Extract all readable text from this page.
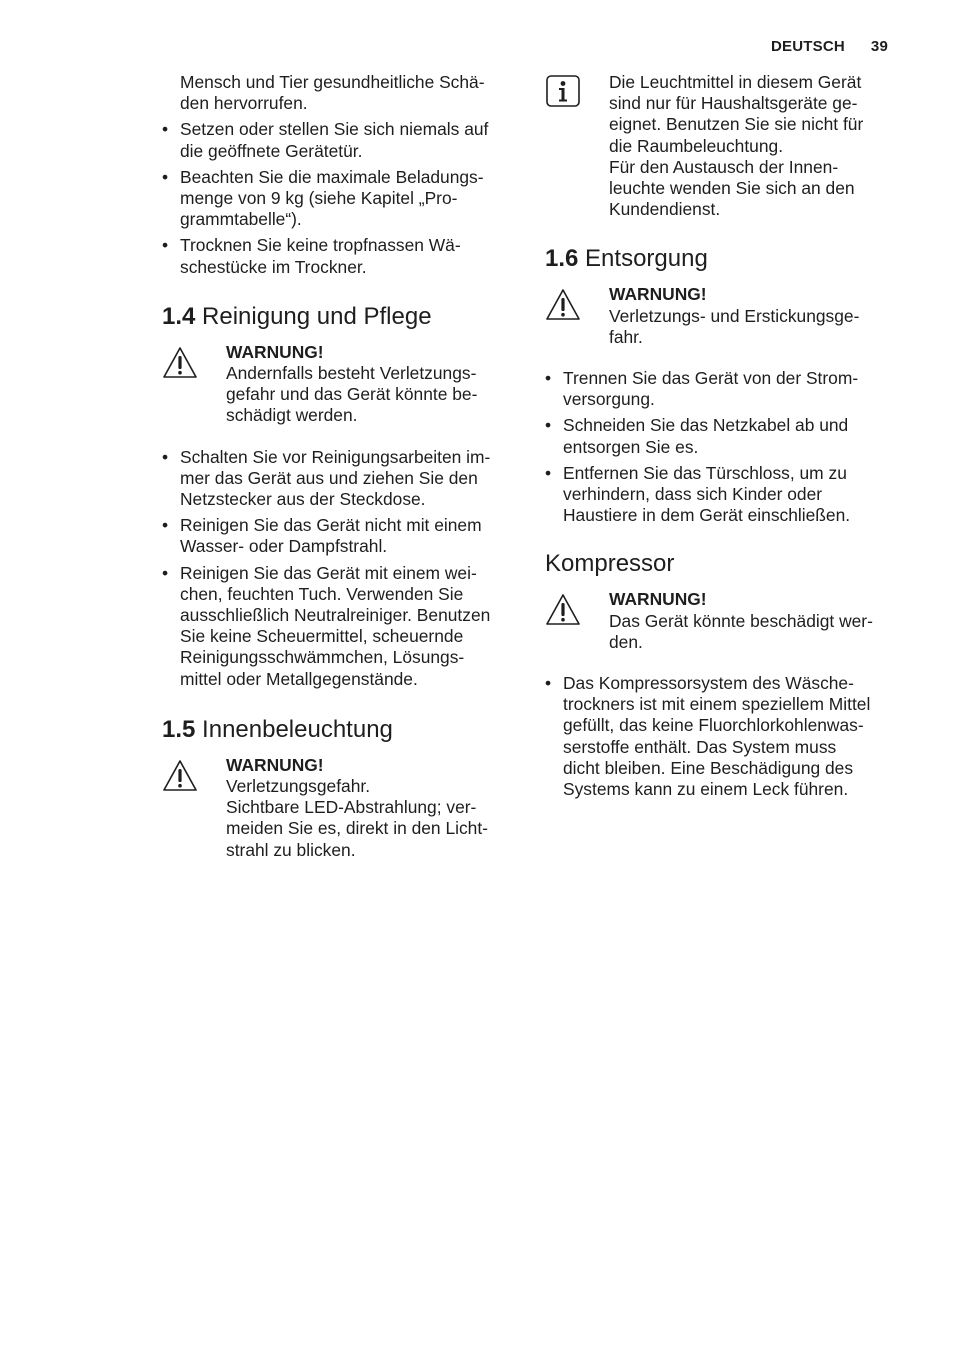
DEUTSCH 39
Mensch und Tier gesundheitliche Schä-
den hervorrufen.
• Setzen oder stellen Sie sich niemals auf
die geöffnete Gerätetür.
• Beachten Sie die maximale Beladungs-
menge von 9 kg (siehe Kapitel „Pro-
grammtabelle“).
• Trocknen Sie keine tropfnassen Wä-
schestücke im Trockner.
1.4 Reinigung und Pflege
WARNUNG!
Andernfalls besteht Verletzungs-
gefahr und das Gerät könnte be-
schädigt werden.
• Schalten Sie vor Reinigungsarbeiten im-
mer das Gerät aus und ziehen Sie den
Netzstecker aus der Steckdose.
• Reinigen Sie das Gerät nicht mit einem
Wasser- oder Dampfstrahl.
• Reinigen Sie das Gerät mit einem wei-
chen, feuchten Tuch. Verwenden Sie
ausschließlich Neutralreiniger. Benutzen
Sie keine Scheuermittel, scheuernde
Reinigungsschwämmchen, Lösungs-
mittel oder Metallgegenstände.
1.5 Innenbeleuchtung
WARNUNG!
Verletzungsgefahr.
Sichtbare LED-Abstrahlung; ver-
meiden Sie es, direkt in den Licht-
strahl zu blicken.
Die Leuchtmittel in diesem Gerät
sind nur für Haushaltsgeräte ge-
eignet. Benutzen Sie sie nicht für
die Raumbeleuchtung.
Für den Austausch der Innen-
leuchte wenden Sie sich an den
Kundendienst.
1.6 Entsorgung
WARNUNG!
Verletzungs- und Erstickungsge-
fahr.
• Trennen Sie das Gerät von der Strom-
versorgung.
• Schneiden Sie das Netzkabel ab und
entsorgen Sie es.
• Entfernen Sie das Türschloss, um zu
verhindern, dass sich Kinder oder
Haustiere in dem Gerät einschließen.
Kompressor
WARNUNG!
Das Gerät könnte beschädigt wer-
den.
• Das Kompressorsystem des Wäsche-
trockners ist mit einem speziellem Mittel
gefüllt, das keine Fluorchlorkohlenwas-
serstoffe enthält. Das System muss
dicht bleiben. Eine Beschädigung des
Systems kann zu einem Leck führen.
